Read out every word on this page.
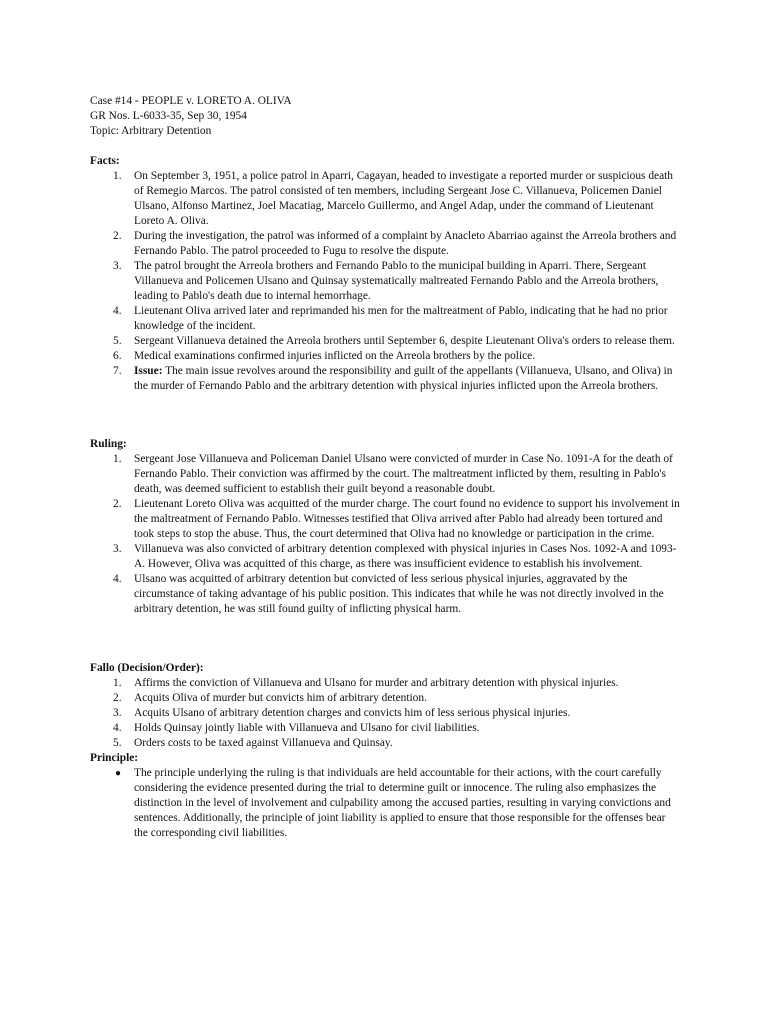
Case #14 - PEOPLE v. LORETO A. OLIVA
GR Nos. L-6033-35, Sep 30, 1954
Topic: Arbitrary Detention
Facts:
1.	On September 3, 1951, a police patrol in Aparri, Cagayan, headed to investigate a reported murder or suspicious death of Remegio Marcos. The patrol consisted of ten members, including Sergeant Jose C. Villanueva, Policemen Daniel Ulsano, Alfonso Martinez, Joel Macatiag, Marcelo Guillermo, and Angel Adap, under the command of Lieutenant Loreto A. Oliva.
2.	During the investigation, the patrol was informed of a complaint by Anacleto Abarriao against the Arreola brothers and Fernando Pablo. The patrol proceeded to Fugu to resolve the dispute.
3.	The patrol brought the Arreola brothers and Fernando Pablo to the municipal building in Aparri. There, Sergeant Villanueva and Policemen Ulsano and Quinsay systematically maltreated Fernando Pablo and the Arreola brothers, leading to Pablo's death due to internal hemorrhage.
4.	Lieutenant Oliva arrived later and reprimanded his men for the maltreatment of Pablo, indicating that he had no prior knowledge of the incident.
5.	Sergeant Villanueva detained the Arreola brothers until September 6, despite Lieutenant Oliva's orders to release them.
6.	Medical examinations confirmed injuries inflicted on the Arreola brothers by the police.
7.	Issue: The main issue revolves around the responsibility and guilt of the appellants (Villanueva, Ulsano, and Oliva) in the murder of Fernando Pablo and the arbitrary detention with physical injuries inflicted upon the Arreola brothers.
Ruling:
1.	Sergeant Jose Villanueva and Policeman Daniel Ulsano were convicted of murder in Case No. 1091-A for the death of Fernando Pablo. Their conviction was affirmed by the court. The maltreatment inflicted by them, resulting in Pablo's death, was deemed sufficient to establish their guilt beyond a reasonable doubt.
2.	Lieutenant Loreto Oliva was acquitted of the murder charge. The court found no evidence to support his involvement in the maltreatment of Fernando Pablo. Witnesses testified that Oliva arrived after Pablo had already been tortured and took steps to stop the abuse. Thus, the court determined that Oliva had no knowledge or participation in the crime.
3.	Villanueva was also convicted of arbitrary detention complexed with physical injuries in Cases Nos. 1092-A and 1093-A. However, Oliva was acquitted of this charge, as there was insufficient evidence to establish his involvement.
4.	Ulsano was acquitted of arbitrary detention but convicted of less serious physical injuries, aggravated by the circumstance of taking advantage of his public position. This indicates that while he was not directly involved in the arbitrary detention, he was still found guilty of inflicting physical harm.
Fallo (Decision/Order):
1.	Affirms the conviction of Villanueva and Ulsano for murder and arbitrary detention with physical injuries.
2.	Acquits Oliva of murder but convicts him of arbitrary detention.
3.	Acquits Ulsano of arbitrary detention charges and convicts him of less serious physical injuries.
4.	Holds Quinsay jointly liable with Villanueva and Ulsano for civil liabilities.
5.	Orders costs to be taxed against Villanueva and Quinsay.
Principle:
● The principle underlying the ruling is that individuals are held accountable for their actions, with the court carefully considering the evidence presented during the trial to determine guilt or innocence. The ruling also emphasizes the distinction in the level of involvement and culpability among the accused parties, resulting in varying convictions and sentences. Additionally, the principle of joint liability is applied to ensure that those responsible for the offenses bear the corresponding civil liabilities.
